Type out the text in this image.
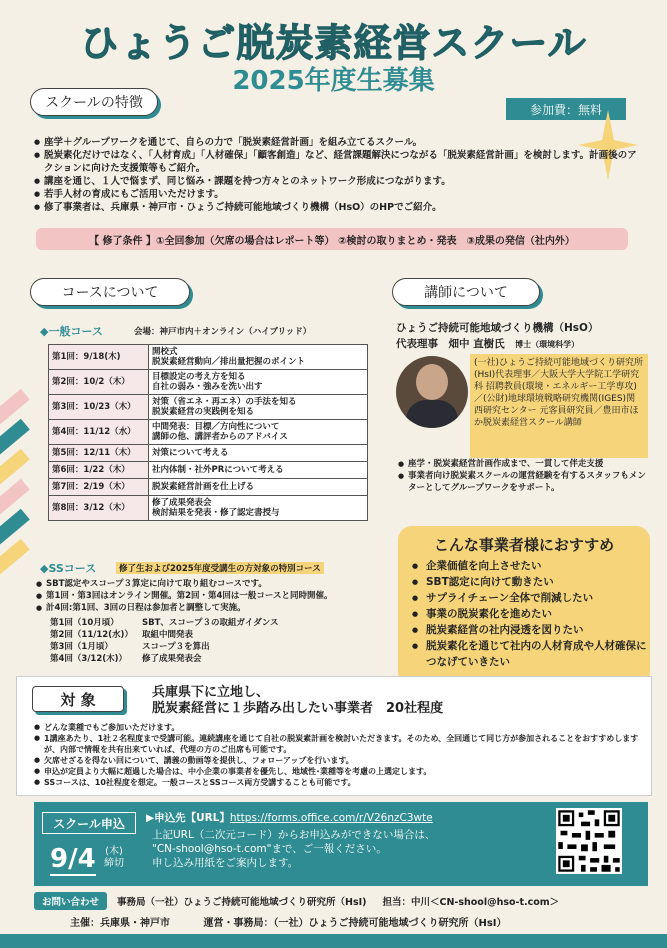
ひょうご脱炭素経営スクール
2025年度生募集
スクールの特徴	参加費：無料
● 座学＋グループワークを通じて、自らの力で「脱炭素経営計画」を組み立てるスクール。
● 脱炭素化だけではなく、「人材育成」「人材確保」「顧客創造」など、経営課題解決につながる「脱炭素経営計画」を検討します。計画後のアクションに向けた支援策等もご紹介。
● 講座を通じ、１人で悩まず、同じ悩み・課題を持つ方々とのネットワーク形成につながります。
● 若手人材の育成にもご活用いただけます。
● 修了事業者は、兵庫県・神戸市・ひょうご持続可能地域づくり機構（HsO）のHPでご紹介。
【 修了条件 】①全回参加（欠席の場合はレポート等） ②検討の取りまとめ・発表　③成果の発信（社内外）
コースについて	講師について
◆一般コース	会場：神戸市内＋オンライン（ハイブリッド）
第1回：9/18(木)	開校式
脱炭素経営動向／排出量把握のポイント

第2回：10/2（木）	目標設定の考え方を知る
自社の弱み・強みを洗い出す

第3回：10/23（木）	対策（省エネ・再エネ）の手法を知る
脱炭素経営の実践例を知る

第4回：11/12（水）	中間発表：目標／方向性について
講師の他、講評者からのアドバイス

第5回：12/11（木）	対策について考える
第6回：1/22（木）	社内体制・社外PRについて考える
第7回：2/19（木）	脱炭素経営計画を仕上げる
第8回：3/12（木）	修了成果発表会
検討結果を発表・修了認定書授与
◆SSコース	修了生および2025年度受講生の方対象の特別コース
● SBT認定やスコープ３算定に向けて取り組むコースです。
● 第1回・第3回はオンライン開催。第2回・第4回は一般コースと同時開催。
● 計4回:第1回、3回の日程は参加者と調整して実施。
第1回（10月頃）	SBT、スコープ３の取組ガイダンス
第2回（11/12(水)） 取組中間発表
第3回（1月頃）	スコープ３を算出
第4回（3/12(木)） 修了成果発表会
ひょうご持続可能地域づくり機構（HsO）
代表理事　 畑中 直樹氏　 博士（環境科学）
(一社)ひょうご持続可能地域づくり研究所(HsI)代表理事／大阪大学大学院工学研究科 招聘教員(環境・エネルギー工学専攻)／(公財)地球環境戦略研究機関(IGES)関西研究センター 元客員研究員／豊田市ほか脱炭素経営スクール講師
● 座学・脱炭素経営計画作成まで、一貫して伴走支援
● 事業者向け脱炭素スクールの運営経験を有するスタッフもメンターとしてグループワークをサポート。
こんな事業者様におすすめ
● 企業価値を向上させたい
● SBT認定に向けて動きたい
● サプライチェーン全体で削減したい
● 事業の脱炭素化を進めたい
● 脱炭素経営の社内浸透を図りたい
● 脱炭素化を通じて社内の人材育成や人材確保につなげていきたい
対 象	兵庫県下に立地し、
脱炭素経営に１歩踏み出したい事業者　20社程度
● どんな業種でもご参加いただけます。
● 1講座あたり、1社２名程度まで受講可能。連続講座を通じて自社の脱炭素計画を検討いただきます。そのため、全回通じて同じ方が参加されることをおすすめしますが、内部で情報を共有出来ていれば、代理の方のご出席も可能です。
● 欠席せざるを得ない回について、講義の動画等を提供し、フォローアップを行います。
● 申込が定員より大幅に超過した場合は、中小企業の事業者を優先し、地域性･業種等を考慮の上選定します。
● SSコースは、10社程度を想定。一般コースとSSコース両方受講することも可能です。
スクール申込
9/4 (木)
締切
▶申込先【URL】https://forms.office.com/r/V26nzC3wte
上記URL（二次元コード）からお申込みができない場合は、
"CN-shool@hso-t.com"まで、ご一報ください。
申し込み用紙をご案内します。
お問い合わせ	事務局（一社）ひょうご持続可能地域づくり研究所（HsI) 担当：中川＜CN-shool@hso-t.com＞
主催：兵庫県・神戸市	運営・事務局：（一社）ひょうご持続可能地域づくり研究所（HsI）
